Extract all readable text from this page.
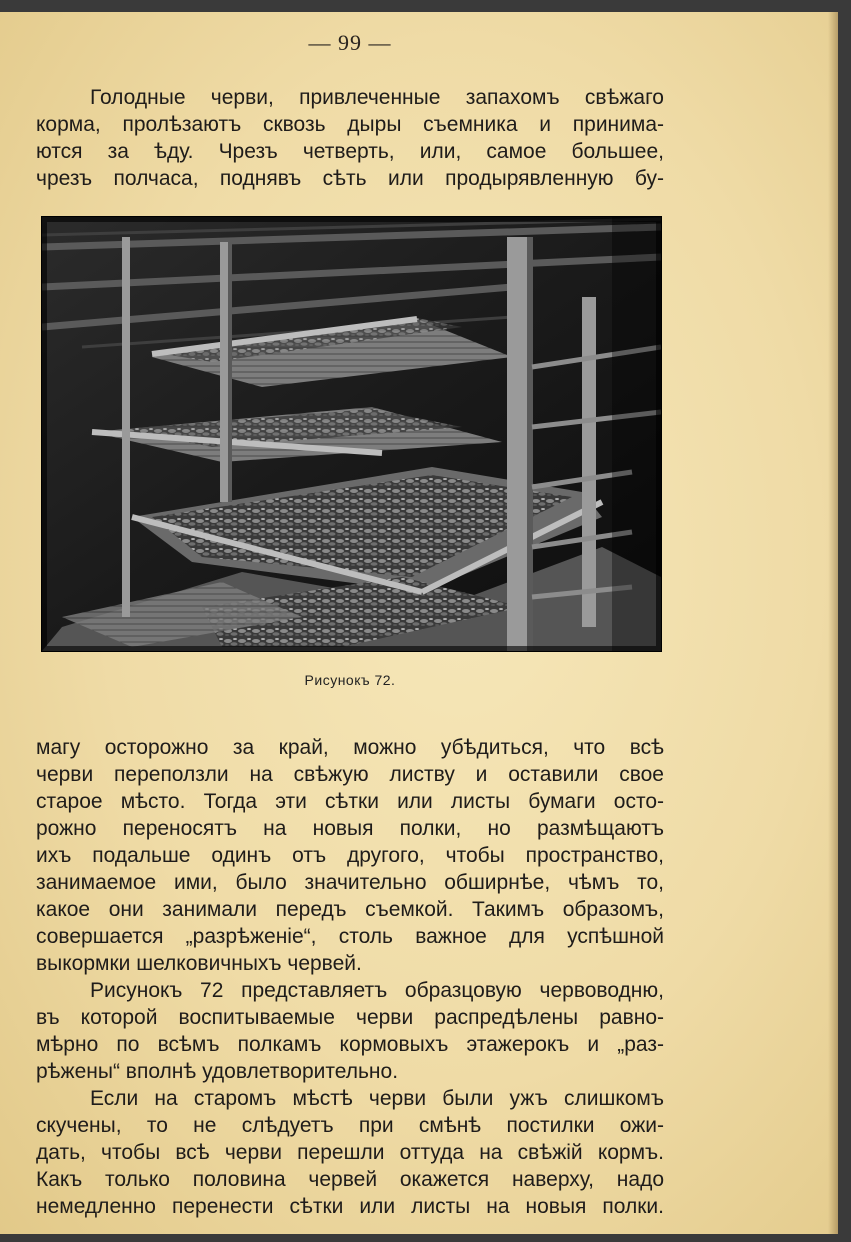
— 99 —
Голодные черви, привлеченные запахомъ свѣжаго
корма, пролѣзаютъ сквозь дыры съемника и принима-
ются за ѣду. Чрезъ четверть, или, самое большее,
чрезъ полчаса, поднявъ сѣть или продырявленную бу-
Рисунокъ 72.
магу осторожно за край, можно убѣдиться, что всѣ
черви переползли на свѣжую листву и оставили свое
старое мѣсто. Тогда эти сѣтки или листы бумаги осто-
рожно переносятъ на новыя полки, но размѣщаютъ
ихъ подальше одинъ отъ другого, чтобы пространство,
занимаемое ими, было значительно обширнѣе, чѣмъ то,
какое они занимали передъ съемкой. Такимъ образомъ,
совершается „разрѣженіе“, столь важное для успѣшной
выкормки шелковичныхъ червей.
Рисунокъ 72 представляетъ образцовую червоводню,
въ которой воспитываемые черви распредѣлены равно-
мѣрно по всѣмъ полкамъ кормовыхъ этажерокъ и „раз-
рѣжены“ вполнѣ удовлетворительно.
Если на старомъ мѣстѣ черви были ужъ слишкомъ
скучены, то не слѣдуетъ при смѣнѣ постилки ожи-
дать, чтобы всѣ черви перешли оттуда на свѣжій кормъ.
Какъ только половина червей окажется наверху, надо
немедленно перенести сѣтки или листы на новыя полки.
